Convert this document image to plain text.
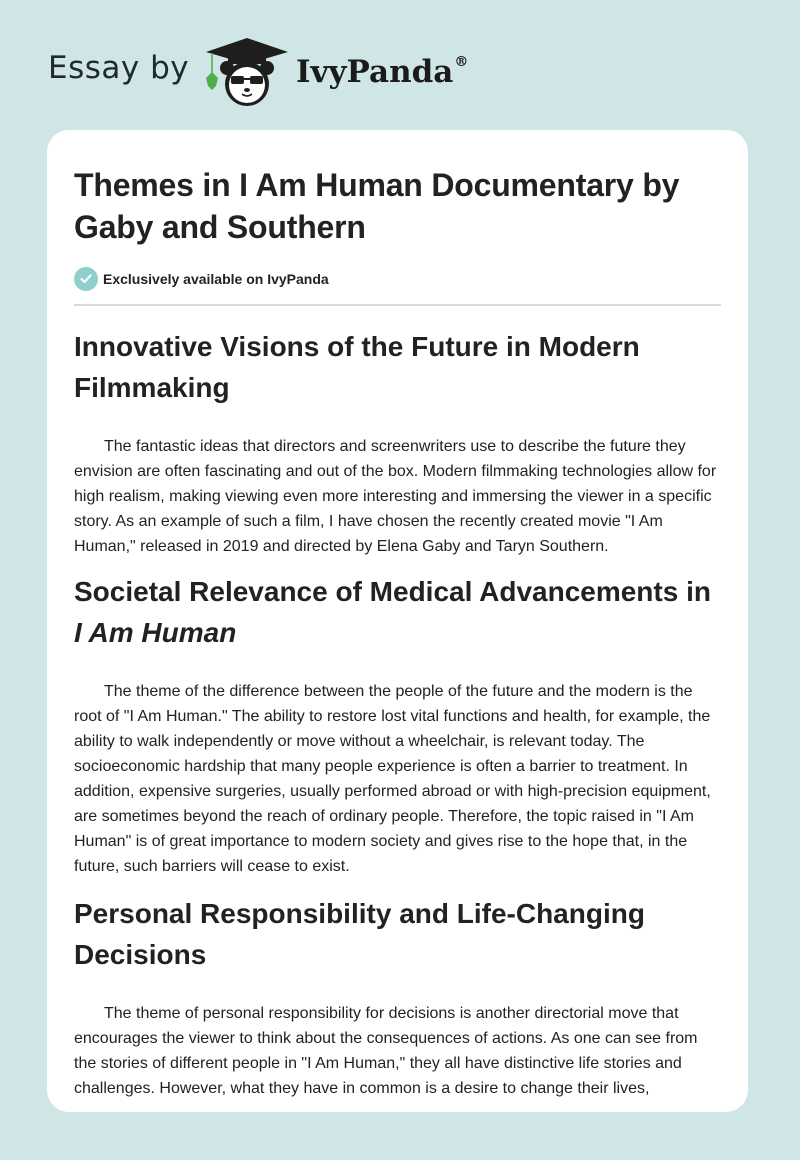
Essay by	IvyPanda®
Themes in I Am Human Documentary by Gaby and Southern
Exclusively available on IvyPanda
Innovative Visions of the Future in Modern Filmmaking

The fantastic ideas that directors and screenwriters use to describe the future they envision are often fascinating and out of the box. Modern filmmaking technologies allow for high realism, making viewing even more interesting and immersing the viewer in a specific story. As an example of such a film, I have chosen the recently created movie "I Am Human," released in 2019 and directed by Elena Gaby and Taryn Southern.

Societal Relevance of Medical Advancements in I Am Human

The theme of the difference between the people of the future and the modern is the root of "I Am Human." The ability to restore lost vital functions and health, for example, the ability to walk independently or move without a wheelchair, is relevant today. The socioeconomic hardship that many people experience is often a barrier to treatment. In addition, expensive surgeries, usually performed abroad or with high-precision equipment, are sometimes beyond the reach of ordinary people. Therefore, the topic raised in "I Am Human" is of great importance to modern society and gives rise to the hope that, in the future, such barriers will cease to exist.

Personal Responsibility and Life-Changing Decisions

The theme of personal responsibility for decisions is another directorial move that encourages the viewer to think about the consequences of actions. As one can see from the stories of different people in "I Am Human," they all have distinctive life stories and challenges. However, what they have in common is a desire to change their lives,
